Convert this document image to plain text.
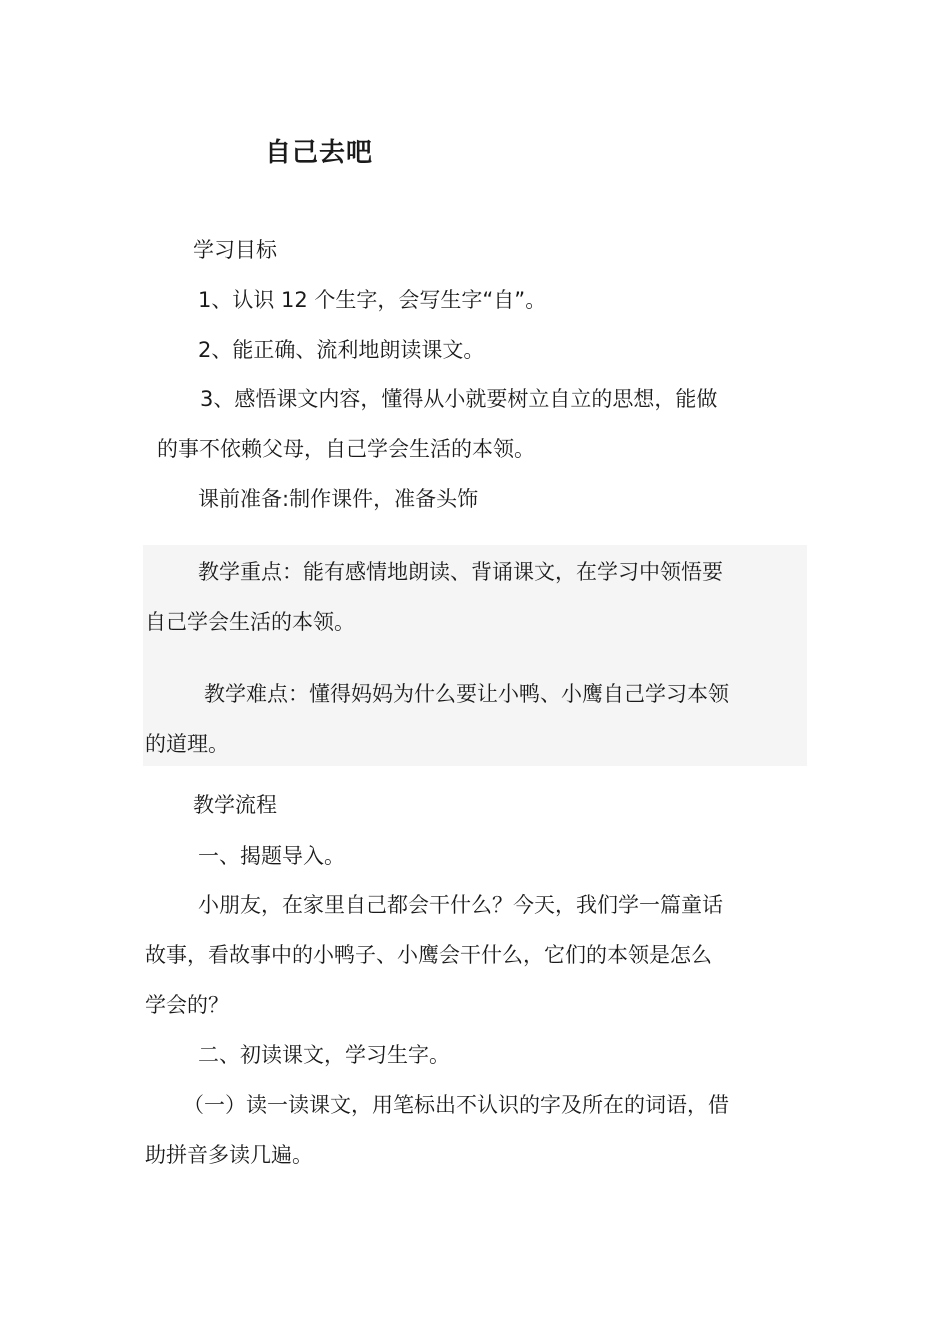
自己去吧
学习目标
1、认识 12 个生字，会写生字“自”。
2、能正确、流利地朗读课文。
3、感悟课文内容，懂得从小就要树立自立的思想，能做
的事不依赖父母，自己学会生活的本领。
课前准备:制作课件，准备头饰
教学重点：能有感情地朗读、背诵课文，在学习中领悟要
自己学会生活的本领。
教学难点：懂得妈妈为什么要让小鸭、小鹰自己学习本领
的道理。
教学流程
一、揭题导入。
小朋友，在家里自己都会干什么？今天，我们学一篇童话
故事，看故事中的小鸭子、小鹰会干什么，它们的本领是怎么
学会的？
二、初读课文，学习生字。
（一）读一读课文，用笔标出不认识的字及所在的词语，借
助拼音多读几遍。
